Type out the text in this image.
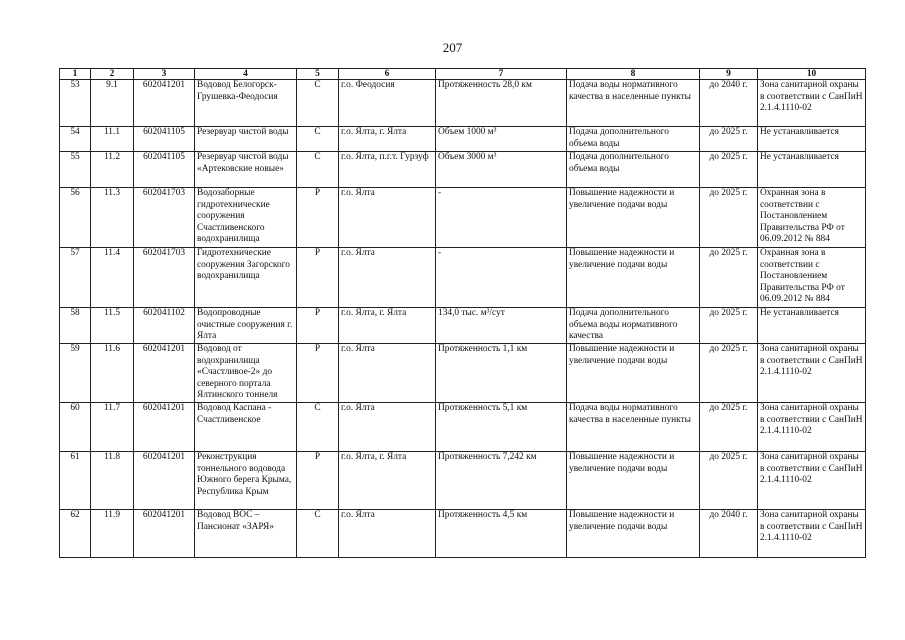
207
1	2	3	4	5	6	7	8	9	10
53	9.1	602041201	Водовод Белогорск-Грушевка-Феодосия	С	г.о. Феодосия	Протяженность 28,0 км	Подача воды нормативного качества в населенные пункты	до 2040 г.	Зона санитарной охраны в соответствии с СанПиН 2.1.4.1110-02
54	11.1	602041105	Резервуар чистой воды	С	г.о. Ялта, г. Ялта	Объем 1000 м³	Подача дополнительного объема воды	до 2025 г.	Не устанавливается
55	11.2	602041105	Резервуар чистой воды «Артековские новые»	С	г.о. Ялта, п.г.т. Гурзуф	Объем 3000 м³	Подача дополнительного объема воды	до 2025 г.	Не устанавливается
56	11.3	602041703	Водозаборные гидротехнические сооружения Счастливенского водохранилища	Р	г.о. Ялта	-	Повышение надежности и увеличение подачи воды	до 2025 г.	Охранная зона в соответствии с Постановлением Правительства РФ от 06.09.2012 № 884
57	11.4	602041703	Гидротехнические сооружения Загорского водохранилища	Р	г.о. Ялта	-	Повышение надежности и увеличение подачи воды	до 2025 г.	Охранная зона в соответствии с Постановлением Правительства РФ от 06.09.2012 № 884
58	11.5	602041102	Водопроводные очистные сооружения г. Ялта	Р	г.о. Ялта, г. Ялта	134,0 тыс. м³/сут	Подача дополнительного объема воды нормативного качества	до 2025 г.	Не устанавливается
59	11.6	602041201	Водовод от водохранилища «Счастливое-2» до северного портала Ялтинского тоннеля	Р	г.о. Ялта	Протяженность 1,1 км	Повышение надежности и увеличение подачи воды	до 2025 г.	Зона санитарной охраны в соответствии с СанПиН 2.1.4.1110-02
60	11.7	602041201	Водовод Каспана - Счастливенское	С	г.о. Ялта	Протяженность 5,1 км	Подача воды нормативного качества в населенные пункты	до 2025 г.	Зона санитарной охраны в соответствии с СанПиН 2.1.4.1110-02
61	11.8	602041201	Реконструкция тоннельного водовода Южного берега Крыма, Республика Крым	Р	г.о. Ялта, г. Ялта	Протяженность 7,242 км	Повышение надежности и увеличение подачи воды	до 2025 г.	Зона санитарной охраны в соответствии с СанПиН 2.1.4.1110-02
62	11.9	602041201	Водовод ВОС – Пансионат «ЗАРЯ»	С	г.о. Ялта	Протяженность 4,5 км	Повышение надежности и увеличение подачи воды	до 2040 г.	Зона санитарной охраны в соответствии с СанПиН 2.1.4.1110-02
